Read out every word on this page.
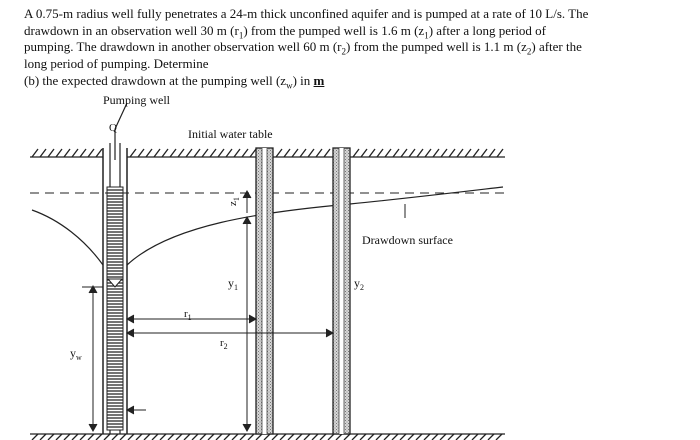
A 0.75-m radius well fully penetrates a 24-m thick unconfined aquifer and is pumped at a rate of 10 L/s. The

drawdown in an observation well 30 m $(r_1)$ from the pumped well is 1.6 m $(z_1)$ after a long period of

pumping. The drawdown in another observation well 60 m $(r_2)$ from the pumped well is 1.1 m $(z_2)$ after the

long period of pumping. Determine

(b) the expected drawdown at the pumping well $(z_w)$ in m

Pumping well
Q	Initial water table
Drawdown surface
$z_1$
$y_1$	$y_2$
$r_1$
$r_2$
$y_w$
